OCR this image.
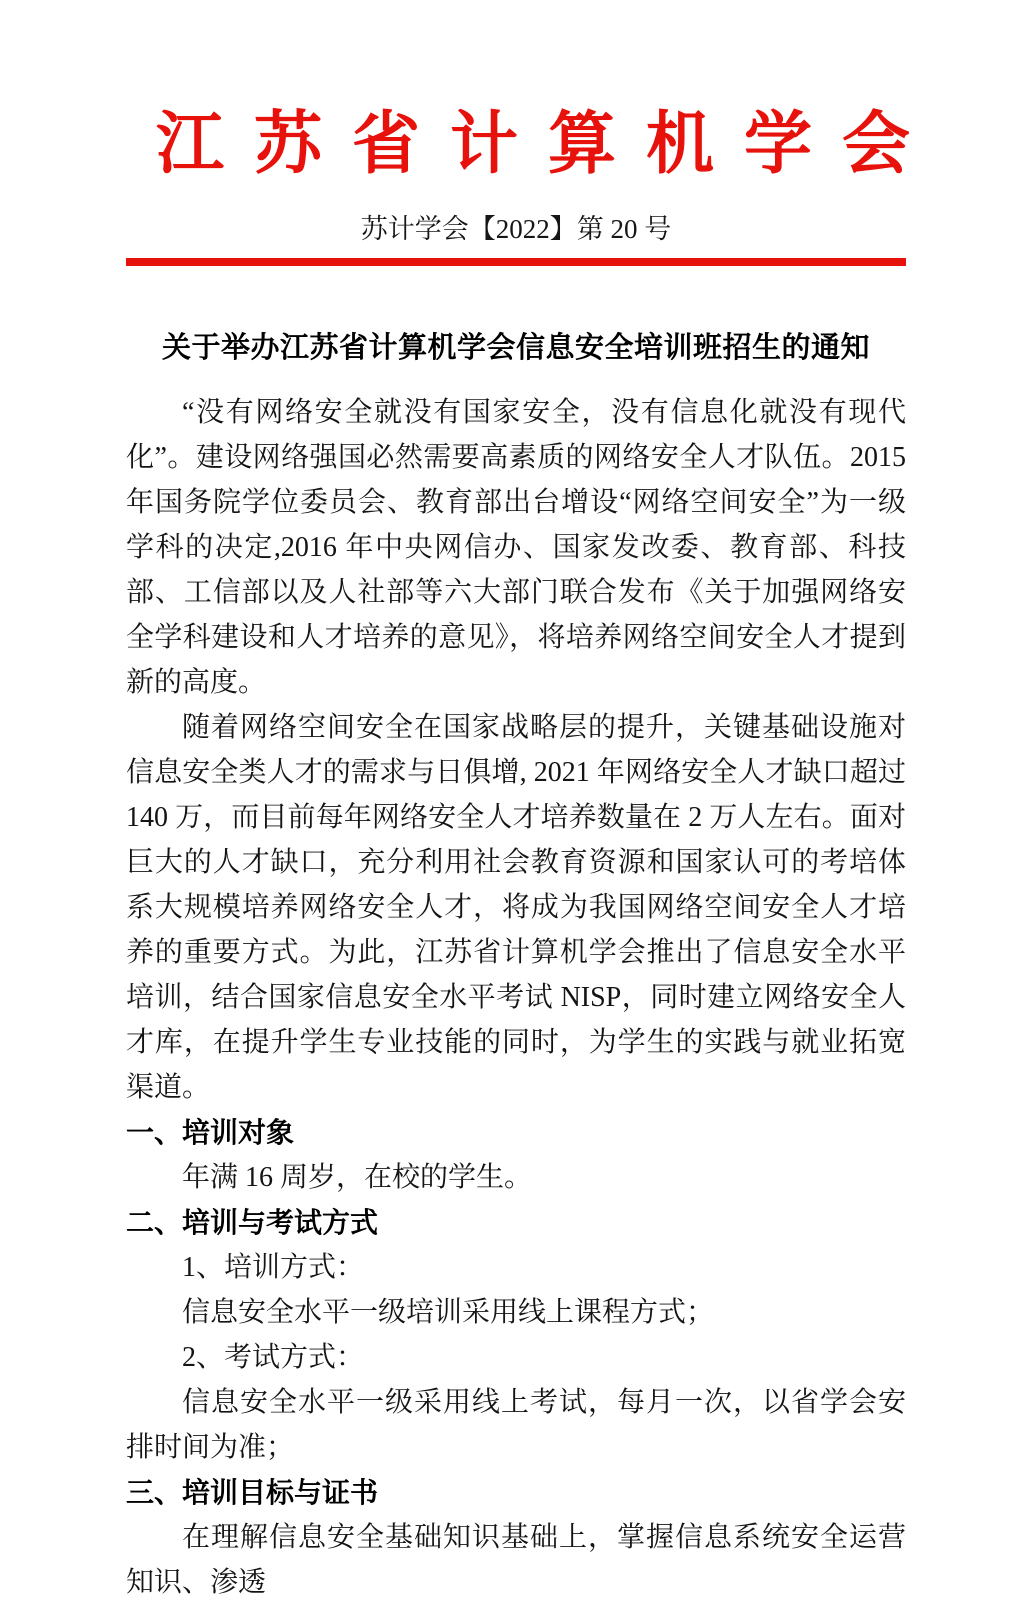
江苏省计算机学会
苏计学会【2022】第 20 号
关于举办江苏省计算机学会信息安全培训班招生的通知

“没有网络安全就没有国家安全，没有信息化就没有现代化”。建设网络强国必然需要高素质的网络安全人才队伍。2015 年国务院学位委员会、教育部出台增设“网络空间安全”为一级学科的决定,2016 年中央网信办、国家发改委、教育部、科技部、工信部以及人社部等六大部门联合发布《关于加强网络安全学科建设和人才培养的意见》，将培养网络空间安全人才提到新的高度。

随着网络空间安全在国家战略层的提升，关键基础设施对信息安全类人才的需求与日俱增, 2021 年网络安全人才缺口超过 140 万，而目前每年网络安全人才培养数量在 2 万人左右。面对巨大的人才缺口，充分利用社会教育资源和国家认可的考培体系大规模培养网络安全人才，将成为我国网络空间安全人才培养的重要方式。为此，江苏省计算机学会推出了信息安全水平培训，结合国家信息安全水平考试 NISP，同时建立网络安全人才库，在提升学生专业技能的同时，为学生的实践与就业拓宽渠道。

一、培训对象

年满 16 周岁，在校的学生。

二、培训与考试方式

1、培训方式：

信息安全水平一级培训采用线上课程方式；

2、考试方式：

信息安全水平一级采用线上考试，每月一次，以省学会安排时间为准；

三、培训目标与证书

在理解信息安全基础知识基础上，掌握信息系统安全运营知识、渗透
